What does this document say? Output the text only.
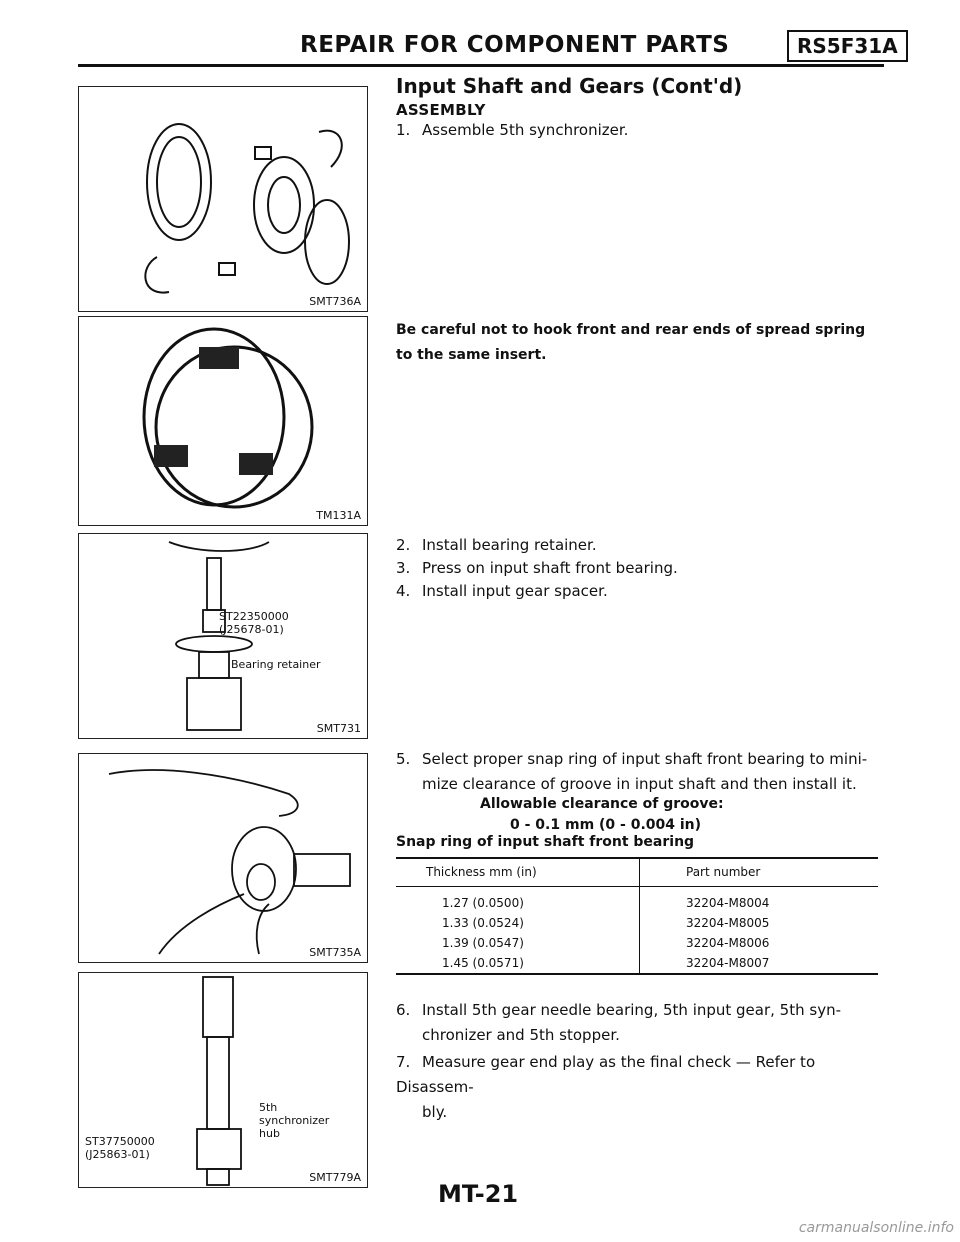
REPAIR FOR COMPONENT PARTS	RS5F31A
SMT736A
TM131A
ST22350000
(J25678-01)
Bearing retainer
SMT731
SMT735A
5th
synchronizer
hub
ST37750000
(J25863-01)
SMT779A
Input Shaft and Gears (Cont'd)
ASSEMBLY
1. Assemble 5th synchronizer.
Be careful not to hook front and rear ends of spread spring to the same insert.
2. Install bearing retainer.
3. Press on input shaft front bearing.
4. Install input gear spacer.
5. Select proper snap ring of input shaft front bearing to mini-
mize clearance of groove in input shaft and then install it.
Allowable clearance of groove:
0 - 0.1 mm (0 - 0.004 in)
Snap ring of input shaft front bearing
Thickness mm (in)	Part number
1.27 (0.0500)	32204-M8004
1.33 (0.0524)	32204-M8005
1.39 (0.0547)	32204-M8006
1.45 (0.0571)	32204-M8007
6. Install 5th gear needle bearing, 5th input gear, 5th syn-
chronizer and 5th stopper.
7. Measure gear end play as the final check — Refer to Disassem-
bly.
MT-21
carmanualsonline.info
